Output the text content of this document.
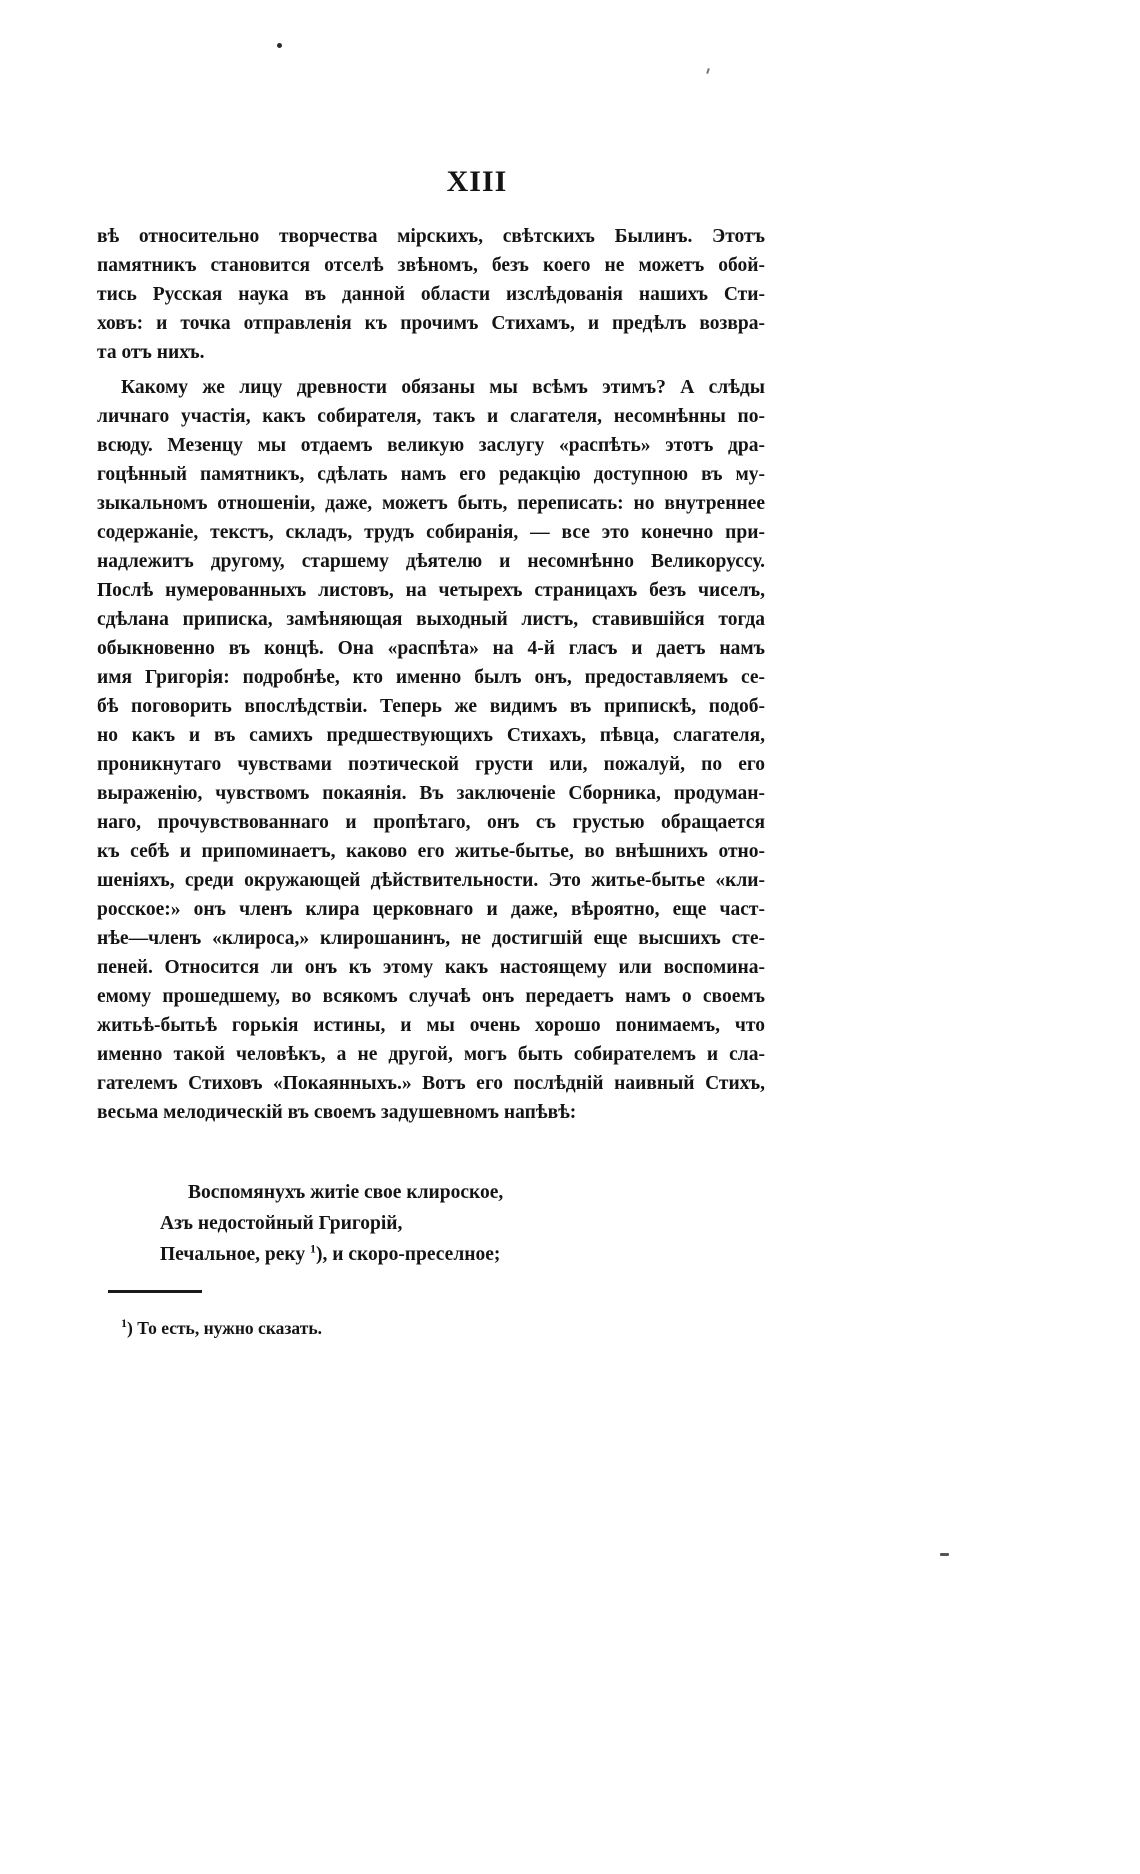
XIII
вѣ относительно творчества мірскихъ, свѣтскихъ Былинъ. Этотъ
памятникъ становится отселѣ звѣномъ, безъ коего не можетъ обой-
тись Русская наука въ данной области изслѣдованія нашихъ Сти-
ховъ: и точка отправленія къ прочимъ Стихамъ, и предѣлъ возвра-
та отъ нихъ.
Какому же лицу древности обязаны мы всѣмъ этимъ? А слѣды
личнаго участія, какъ собирателя, такъ и слагателя, несомнѣнны по-
всюду. Мезенцу мы отдаемъ великую заслугу «распѣть» этотъ дра-
гоцѣнный памятникъ, сдѣлать намъ его редакцію доступною въ му-
зыкальномъ отношеніи, даже, можетъ быть, переписать: но внутреннее
содержаніе, текстъ, складъ, трудъ собиранія, — все это конечно при-
надлежитъ другому, старшему дѣятелю и несомнѣнно Великоруссу.
Послѣ нумерованныхъ листовъ, на четырехъ страницахъ безъ чиселъ,
сдѣлана приписка, замѣняющая выходный листъ, ставившійся тогда
обыкновенно въ концѣ. Она «распѣта» на 4-й гласъ и даетъ намъ
имя Григорія: подробнѣе, кто именно былъ онъ, предоставляемъ се-
бѣ поговорить впослѣдствіи. Теперь же видимъ въ припискѣ, подоб-
но какъ и въ самихъ предшествующихъ Стихахъ, пѣвца, слагателя,
проникнутаго чувствами поэтической грусти или, пожалуй, по его
выраженію, чувствомъ покаянія. Въ заключеніе Сборника, продуман-
наго, прочувствованнаго и пропѣтаго, онъ съ грустью обращается
къ себѣ и припоминаетъ, каково его житье-бытье, во внѣшнихъ отно-
шеніяхъ, среди окружающей дѣйствительности. Это житье-бытье «кли-
росское:» онъ членъ клира церковнаго и даже, вѣроятно, еще част-
нѣе—членъ «клироса,» клирошанинъ, не достигшій еще высшихъ сте-
пеней. Относится ли онъ къ этому какъ настоящему или воспомина-
емому прошедшему, во всякомъ случаѣ онъ передаетъ намъ о своемъ
житьѣ-бытьѣ горькія истины, и мы очень хорошо понимаемъ, что
именно такой человѣкъ, а не другой, могъ быть собирателемъ и сла-
гателемъ Стиховъ «Покаянныхъ.» Вотъ его послѣдній наивный Стихъ,
весьма мелодическій въ своемъ задушевномъ напѣвѣ:
Воспомянухъ житіе свое клироское,
Азъ недостойный Григорій,
Печальное, реку $^1$), и скоро-преселное;
$^1$) То есть, нужно сказать.
